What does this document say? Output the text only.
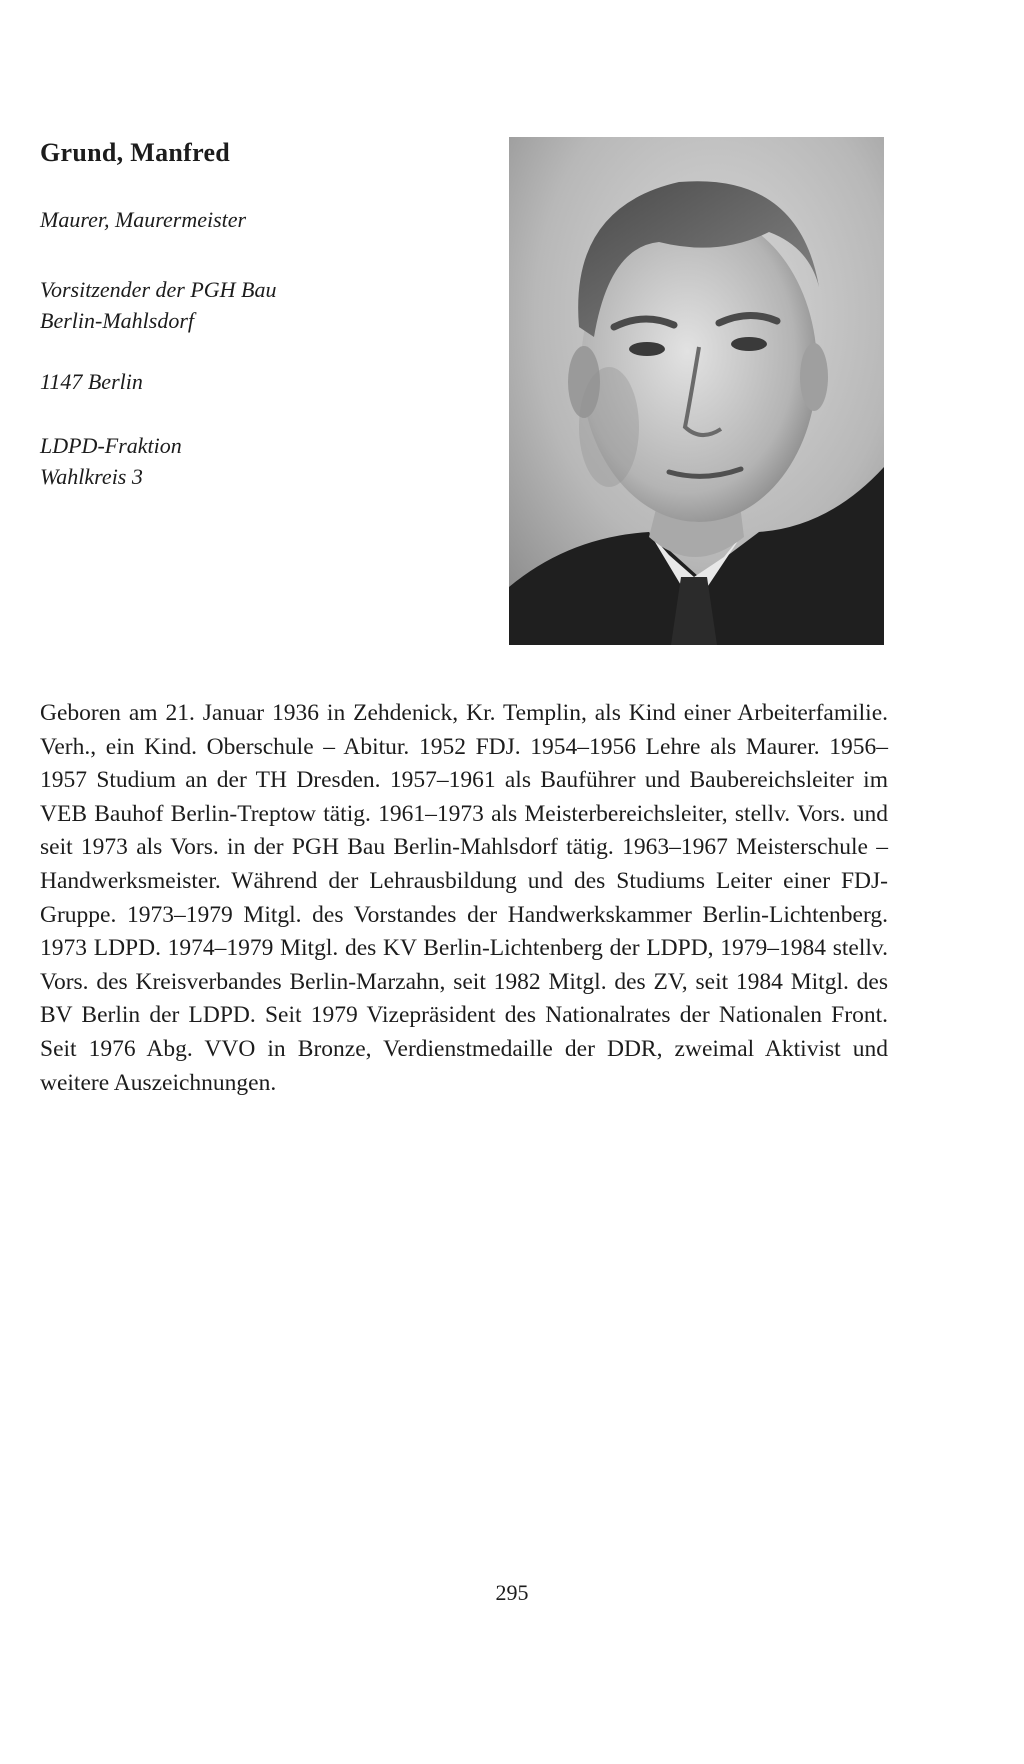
Grund, Manfred
Maurer, Maurermeister
Vorsitzender der PGH Bau
Berlin-Mahlsdorf
1147 Berlin
LDPD-Fraktion
Wahlkreis 3
Geboren am 21. Januar 1936 in Zehdenick, Kr. Templin, als Kind einer Arbeiterfamilie. Verh., ein Kind. Oberschule – Abitur. 1952 FDJ. 1954–1956 Lehre als Maurer. 1956–1957 Studium an der TH Dresden. 1957–1961 als Bauführer und Baubereichsleiter im VEB Bauhof Berlin-Treptow tätig. 1961–1973 als Meisterbereichsleiter, stellv. Vors. und seit 1973 als Vors. in der PGH Bau Berlin-Mahlsdorf tätig. 1963–1967 Meisterschule – Handwerksmeister. Während der Lehrausbildung und des Studiums Leiter einer FDJ-Gruppe. 1973–1979 Mitgl. des Vorstandes der Handwerkskammer Berlin-Lichtenberg. 1973 LDPD. 1974–1979 Mitgl. des KV Berlin-Lichtenberg der LDPD, 1979–1984 stellv. Vors. des Kreisverbandes Berlin-Marzahn, seit 1982 Mitgl. des ZV, seit 1984 Mitgl. des BV Berlin der LDPD. Seit 1979 Vizepräsident des Nationalrates der Nationalen Front. Seit 1976 Abg. VVO in Bronze, Verdienstmedaille der DDR, zweimal Aktivist und weitere Auszeichnungen.
295
